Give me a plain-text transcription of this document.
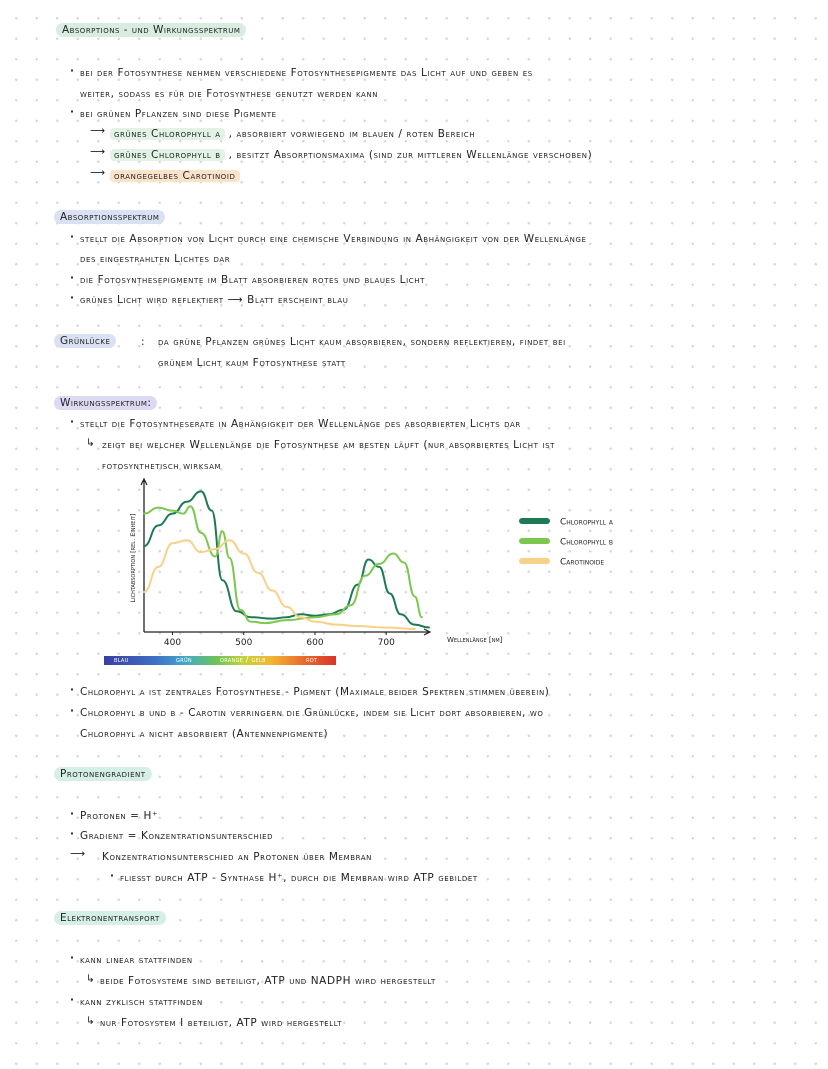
Absorptions - und Wirkungsspektrum
· bei der Fotosynthese nehmen verschiedene Fotosynthesepigmente das Licht auf und geben es
weiter, sodass es für die Fotosynthese genutzt werden kann
· bei grünen Pflanzen sind diese Pigmente
⟶ grünes Chlorophyll a , absorbiert vorwiegend im blauen / roten Bereich
⟶ grünes Chlorophyll b , besitzt Absorptionsmaxima (sind zur mittleren Wellenlänge verschoben)
⟶ orangegelbes Carotinoid
Absorptionsspektrum
· stellt die Absorption von Licht durch eine chemische Verbindung in Abhängigkeit von der Wellenlänge
des eingestrahlten Lichtes dar
· die Fotosynthesepigmente im Blatt absorbieren rotes und blaues Licht
· grünes Licht wird reflektiert ⟶ Blatt erscheint blau
Grünlücke	: da grüne Pflanzen grünes Licht kaum absorbieren, sondern reflektieren, findet bei
grünem Licht kaum Fotosynthese statt
Wirkungsspektrum:
· stellt die Fotosyntheserate in Abhängigkeit der Wellenlänge des absorbierten Lichts dar
↳ zeigt bei welcher Wellenlänge die Fotosynthese am besten läuft (nur absorbiertes Licht ist
fotosynthetisch wirksam
400	500	600	700	Wellenlänge [nm]
Lichtabsorption [rel. Einheit]	Chlorophyll a
Chlorophyll b
Carotinoide
blau	grün	orange / gelb	rot
· Chlorophyl a ist zentrales Fotosynthese - Pigment (Maximale beider Spektren stimmen überein)
· Chlorophyl b und β - Carotin verringern die Grünlücke, indem sie Licht dort absorbieren, wo
Chlorophyl a nicht absorbiert (Antennenpigmente)
Protonengradient
· Protonen = H⁺
· Gradient = Konzentrationsunterschied
⟶ Konzentrationsunterschied an Protonen über Membran
· fließt durch ATP - Synthase H⁺, durch die Membran wird ATP gebildet
Elektronentransport
· kann linear stattfinden
↳ beide Fotosysteme sind beteiligt, ATP und NADPH wird hergestellt
· kann zyklisch stattfinden
↳ nur Fotosystem I beteiligt, ATP wird hergestellt
